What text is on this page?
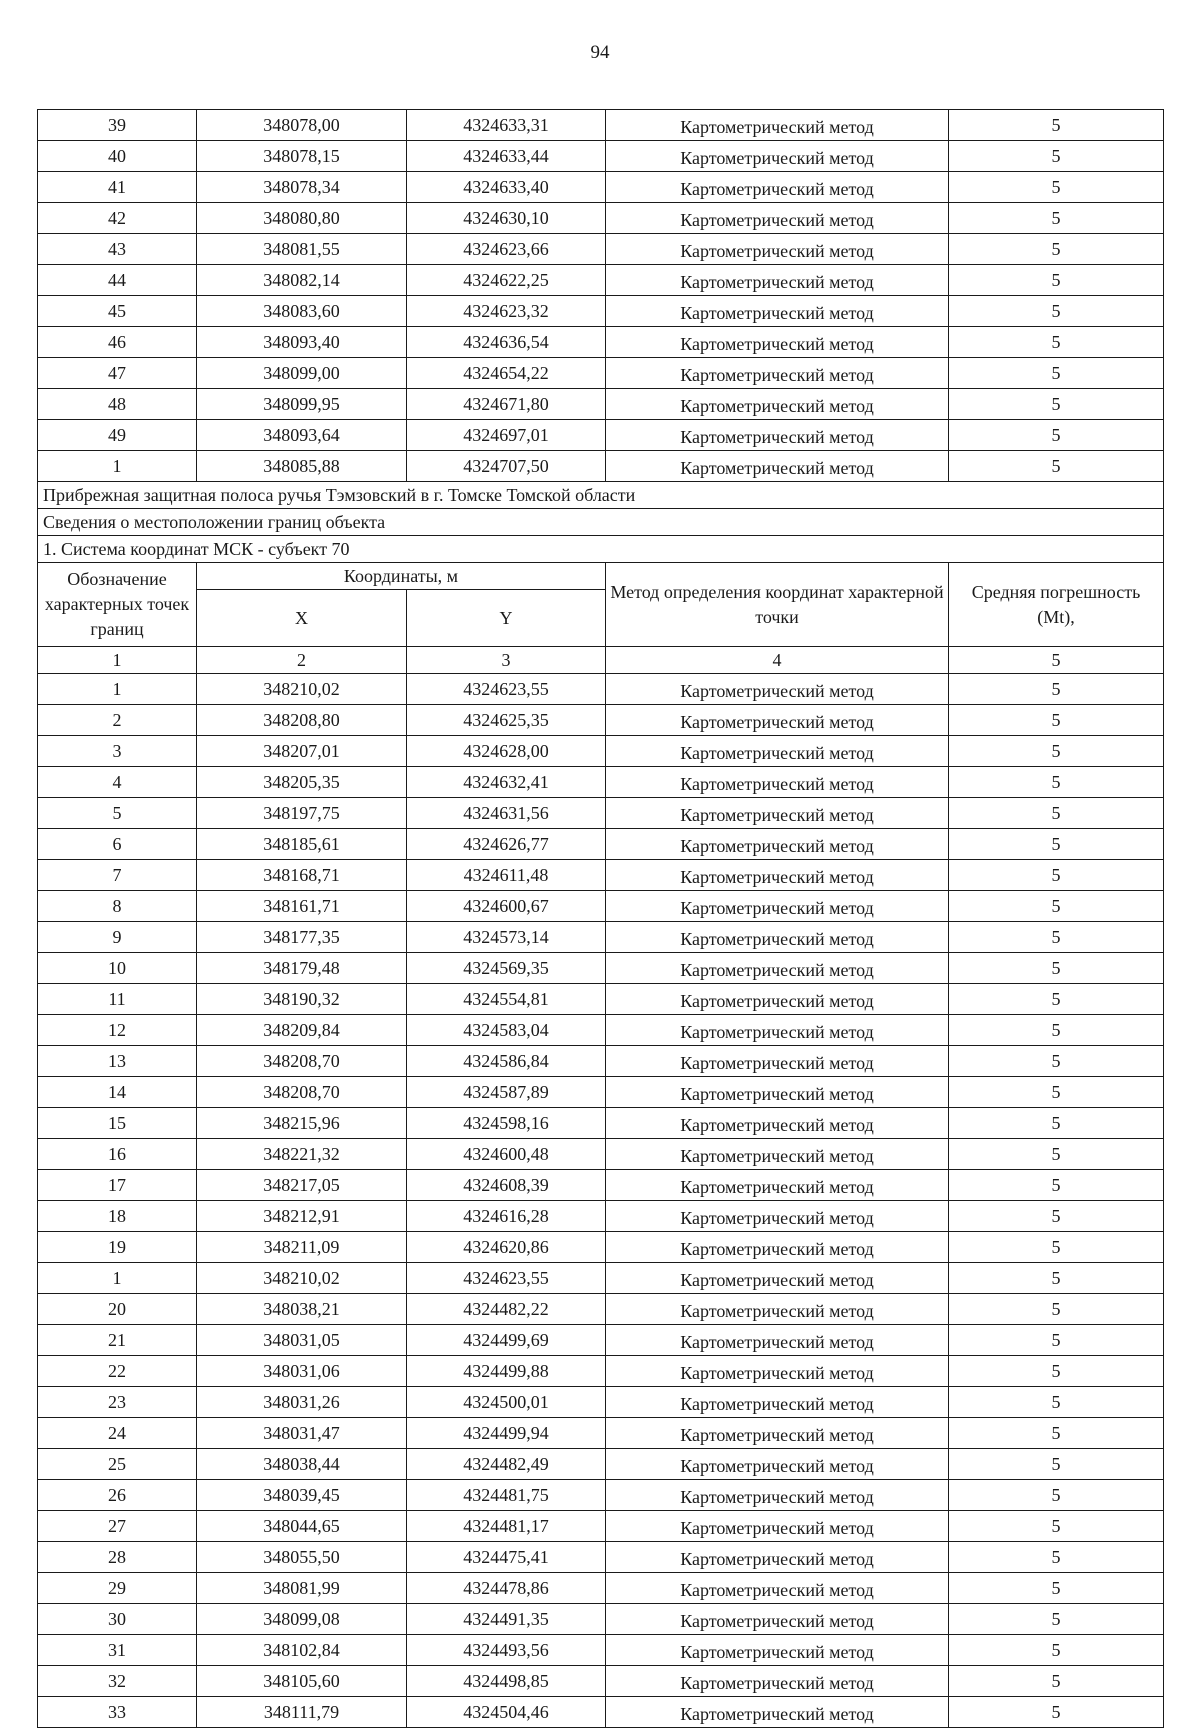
94
39	348078,00	4324633,31	Картометрический метод	5
40	348078,15	4324633,44	Картометрический метод	5
41	348078,34	4324633,40	Картометрический метод	5
42	348080,80	4324630,10	Картометрический метод	5
43	348081,55	4324623,66	Картометрический метод	5
44	348082,14	4324622,25	Картометрический метод	5
45	348083,60	4324623,32	Картометрический метод	5
46	348093,40	4324636,54	Картометрический метод	5
47	348099,00	4324654,22	Картометрический метод	5
48	348099,95	4324671,80	Картометрический метод	5
49	348093,64	4324697,01	Картометрический метод	5
1	348085,88	4324707,50	Картометрический метод	5
Прибрежная защитная полоса ручья Тэмзовский в г. Томске Томской области				
Сведения о местоположении границ объекта				
1. Система координат МСК - субъект 70				
Обозначение характерных точек границ	Координаты, м		Метод определения координат характерной точки	Средняя погрешность (Mt),
	X	Y		
1	2	3	4	5
1	348210,02	4324623,55	Картометрический метод	5
2	348208,80	4324625,35	Картометрический метод	5
3	348207,01	4324628,00	Картометрический метод	5
4	348205,35	4324632,41	Картометрический метод	5
5	348197,75	4324631,56	Картометрический метод	5
6	348185,61	4324626,77	Картометрический метод	5
7	348168,71	4324611,48	Картометрический метод	5
8	348161,71	4324600,67	Картометрический метод	5
9	348177,35	4324573,14	Картометрический метод	5
10	348179,48	4324569,35	Картометрический метод	5
11	348190,32	4324554,81	Картометрический метод	5
12	348209,84	4324583,04	Картометрический метод	5
13	348208,70	4324586,84	Картометрический метод	5
14	348208,70	4324587,89	Картометрический метод	5
15	348215,96	4324598,16	Картометрический метод	5
16	348221,32	4324600,48	Картометрический метод	5
17	348217,05	4324608,39	Картометрический метод	5
18	348212,91	4324616,28	Картометрический метод	5
19	348211,09	4324620,86	Картометрический метод	5
1	348210,02	4324623,55	Картометрический метод	5
20	348038,21	4324482,22	Картометрический метод	5
21	348031,05	4324499,69	Картометрический метод	5
22	348031,06	4324499,88	Картометрический метод	5
23	348031,26	4324500,01	Картометрический метод	5
24	348031,47	4324499,94	Картометрический метод	5
25	348038,44	4324482,49	Картометрический метод	5
26	348039,45	4324481,75	Картометрический метод	5
27	348044,65	4324481,17	Картометрический метод	5
28	348055,50	4324475,41	Картометрический метод	5
29	348081,99	4324478,86	Картометрический метод	5
30	348099,08	4324491,35	Картометрический метод	5
31	348102,84	4324493,56	Картометрический метод	5
32	348105,60	4324498,85	Картометрический метод	5
33	348111,79	4324504,46	Картометрический метод	5
